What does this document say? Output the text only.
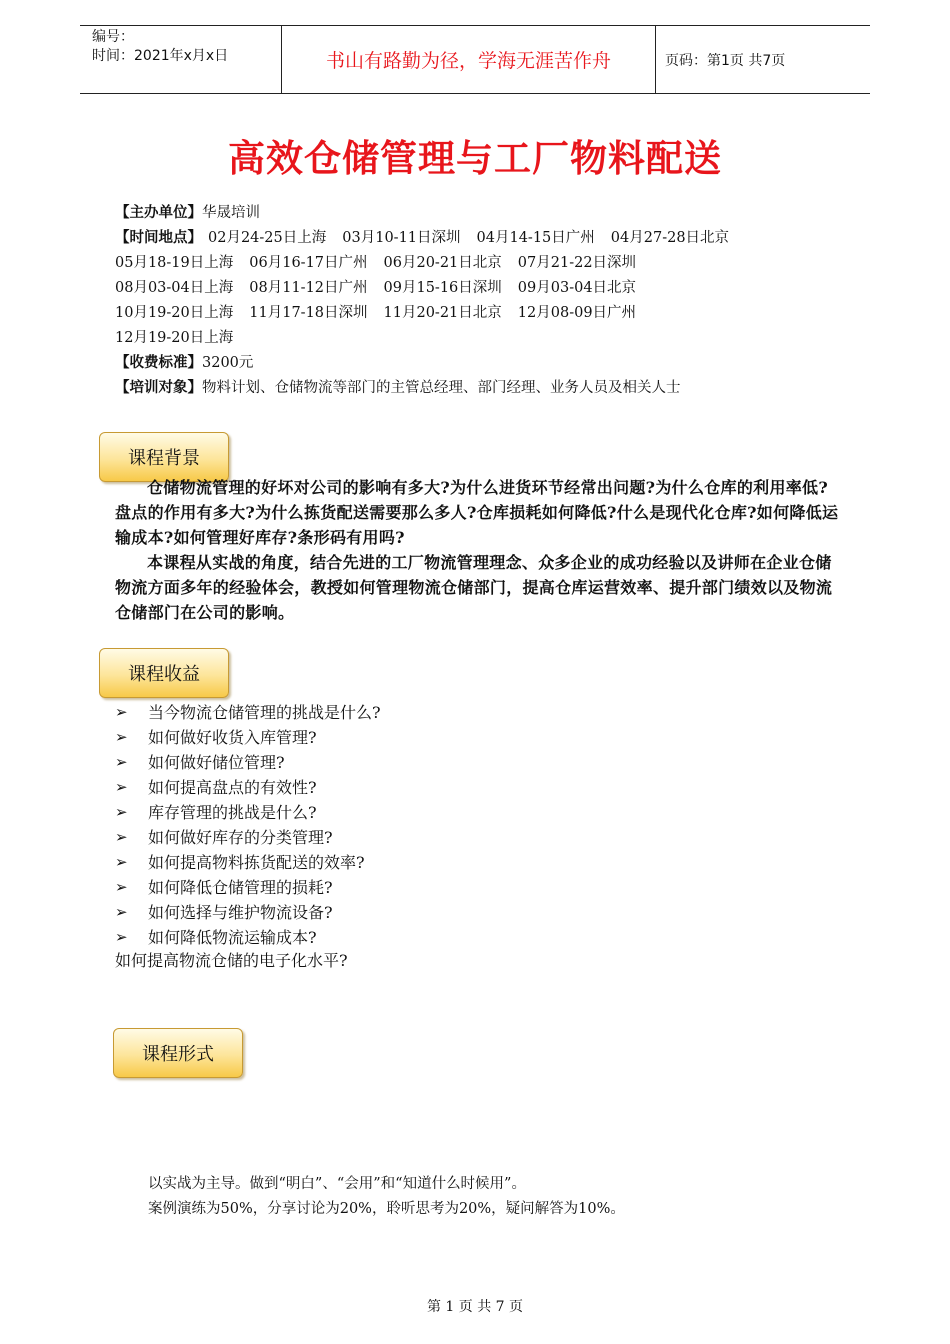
编号：
时间：2021年x月x日	书山有路勤为径，学海无涯苦作舟	页码：第1页 共7页
高效仓储管理与工厂物料配送
【主办单位】华晟培训
【时间地点】 02月24-25日上海 03月10-11日深圳 04月14-15日广州 04月27-28日北京
05月18-19日上海 06月16-17日广州 06月20-21日北京 07月21-22日深圳
08月03-04日上海 08月11-12日广州 09月15-16日深圳 09月03-04日北京
10月19-20日上海 11月17-18日深圳 11月20-21日北京 12月08-09日广州
12月19-20日上海
【收费标准】3200元
【培训对象】物料计划、仓储物流等部门的主管总经理、部门经理、业务人员及相关人士
课程背景

仓储物流管理的好坏对公司的影响有多大?为什么进货环节经常出问题?为什么仓库的利用率低?盘点的作用有多大?为什么拣货配送需要那么多人?仓库损耗如何降低?什么是现代化仓库?如何降低运输成本?如何管理好库存?条形码有用吗?

本课程从实战的角度，结合先进的工厂物流管理理念、众多企业的成功经验以及讲师在企业仓储物流方面多年的经验体会，教授如何管理物流仓储部门，提高仓库运营效率、提升部门绩效以及物流仓储部门在公司的影响。

课程收益
➢ 当今物流仓储管理的挑战是什么?
➢ 如何做好收货入库管理?
➢ 如何做好储位管理?
➢ 如何提高盘点的有效性?
➢ 库存管理的挑战是什么?
➢ 如何做好库存的分类管理?
➢ 如何提高物料拣货配送的效率?
➢ 如何降低仓储管理的损耗?
➢ 如何选择与维护物流设备?
➢ 如何降低物流运输成本?
如何提高物流仓储的电子化水平?
课程形式
以实战为主导。做到“明白”、“会用”和“知道什么时候用”。
案例演练为50%，分享讨论为20%，聆听思考为20%，疑问解答为10%。
第 1 页 共 7 页
